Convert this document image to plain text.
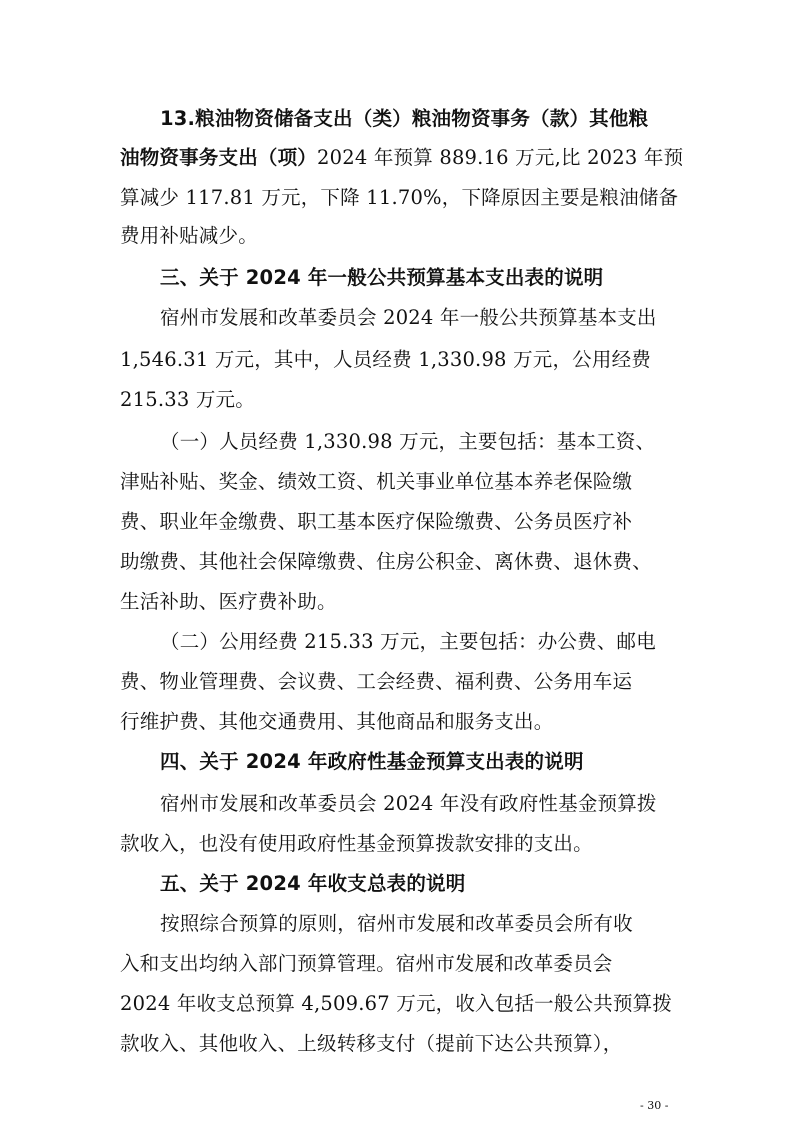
13.粮油物资储备支出（类）粮油物资事务（款）其他粮
油物资事务支出（项）2024 年预算 889.16 万元,比 2023 年预
算减少 117.81 万元，下降 11.70%，下降原因主要是粮油储备
费用补贴减少。
三、关于 2024 年一般公共预算基本支出表的说明
宿州市发展和改革委员会 2024 年一般公共预算基本支出
1,546.31 万元，其中，人员经费 1,330.98 万元，公用经费
215.33 万元。
（一）人员经费 1,330.98 万元，主要包括：基本工资、
津贴补贴、奖金、绩效工资、机关事业单位基本养老保险缴
费、职业年金缴费、职工基本医疗保险缴费、公务员医疗补
助缴费、其他社会保障缴费、住房公积金、离休费、退休费、
生活补助、医疗费补助。
（二）公用经费 215.33 万元，主要包括：办公费、邮电
费、物业管理费、会议费、工会经费、福利费、公务用车运
行维护费、其他交通费用、其他商品和服务支出。
四、关于 2024 年政府性基金预算支出表的说明
宿州市发展和改革委员会 2024 年没有政府性基金预算拨
款收入，也没有使用政府性基金预算拨款安排的支出。
五、关于 2024 年收支总表的说明
按照综合预算的原则，宿州市发展和改革委员会所有收
入和支出均纳入部门预算管理。宿州市发展和改革委员会
2024 年收支总预算 4,509.67 万元，收入包括一般公共预算拨
款收入、其他收入、上级转移支付（提前下达公共预算），
- 30 -
